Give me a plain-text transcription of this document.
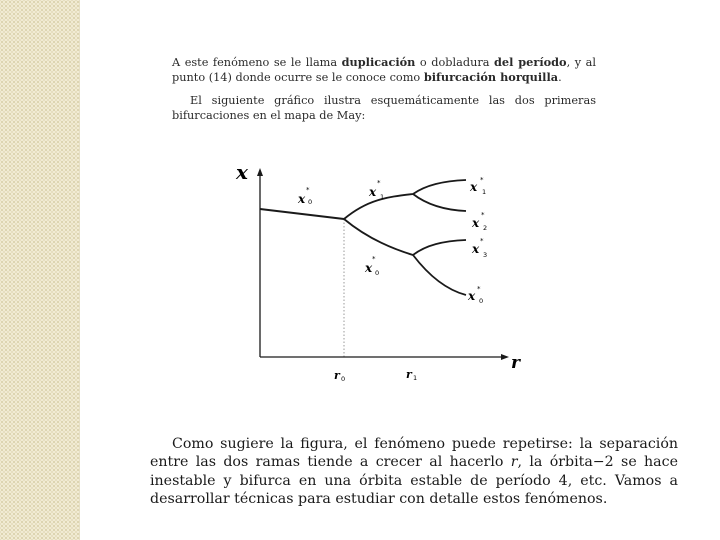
A este fenómeno se le llama duplicación o dobladura del período, y al punto (14) donde ocurre se le conoce como bifurcación horquilla.

El siguiente gráfico ilustra esquemáticamente las dos primeras bifurcaciones en el mapa de May:

x
r
r 0	r 1
x
*
0
x
*
1
x
*
0
x *
1
x
*
2
x
*
3
x *
0

Como sugiere la figura, el fenómeno puede repetirse: la separación entre las dos ramas tiende a crecer al hacerlo r, la órbita−2 se hace inestable y bifurca en una órbita estable de período 4, etc. Vamos a desarrollar técnicas para estudiar con detalle estos fenómenos.
